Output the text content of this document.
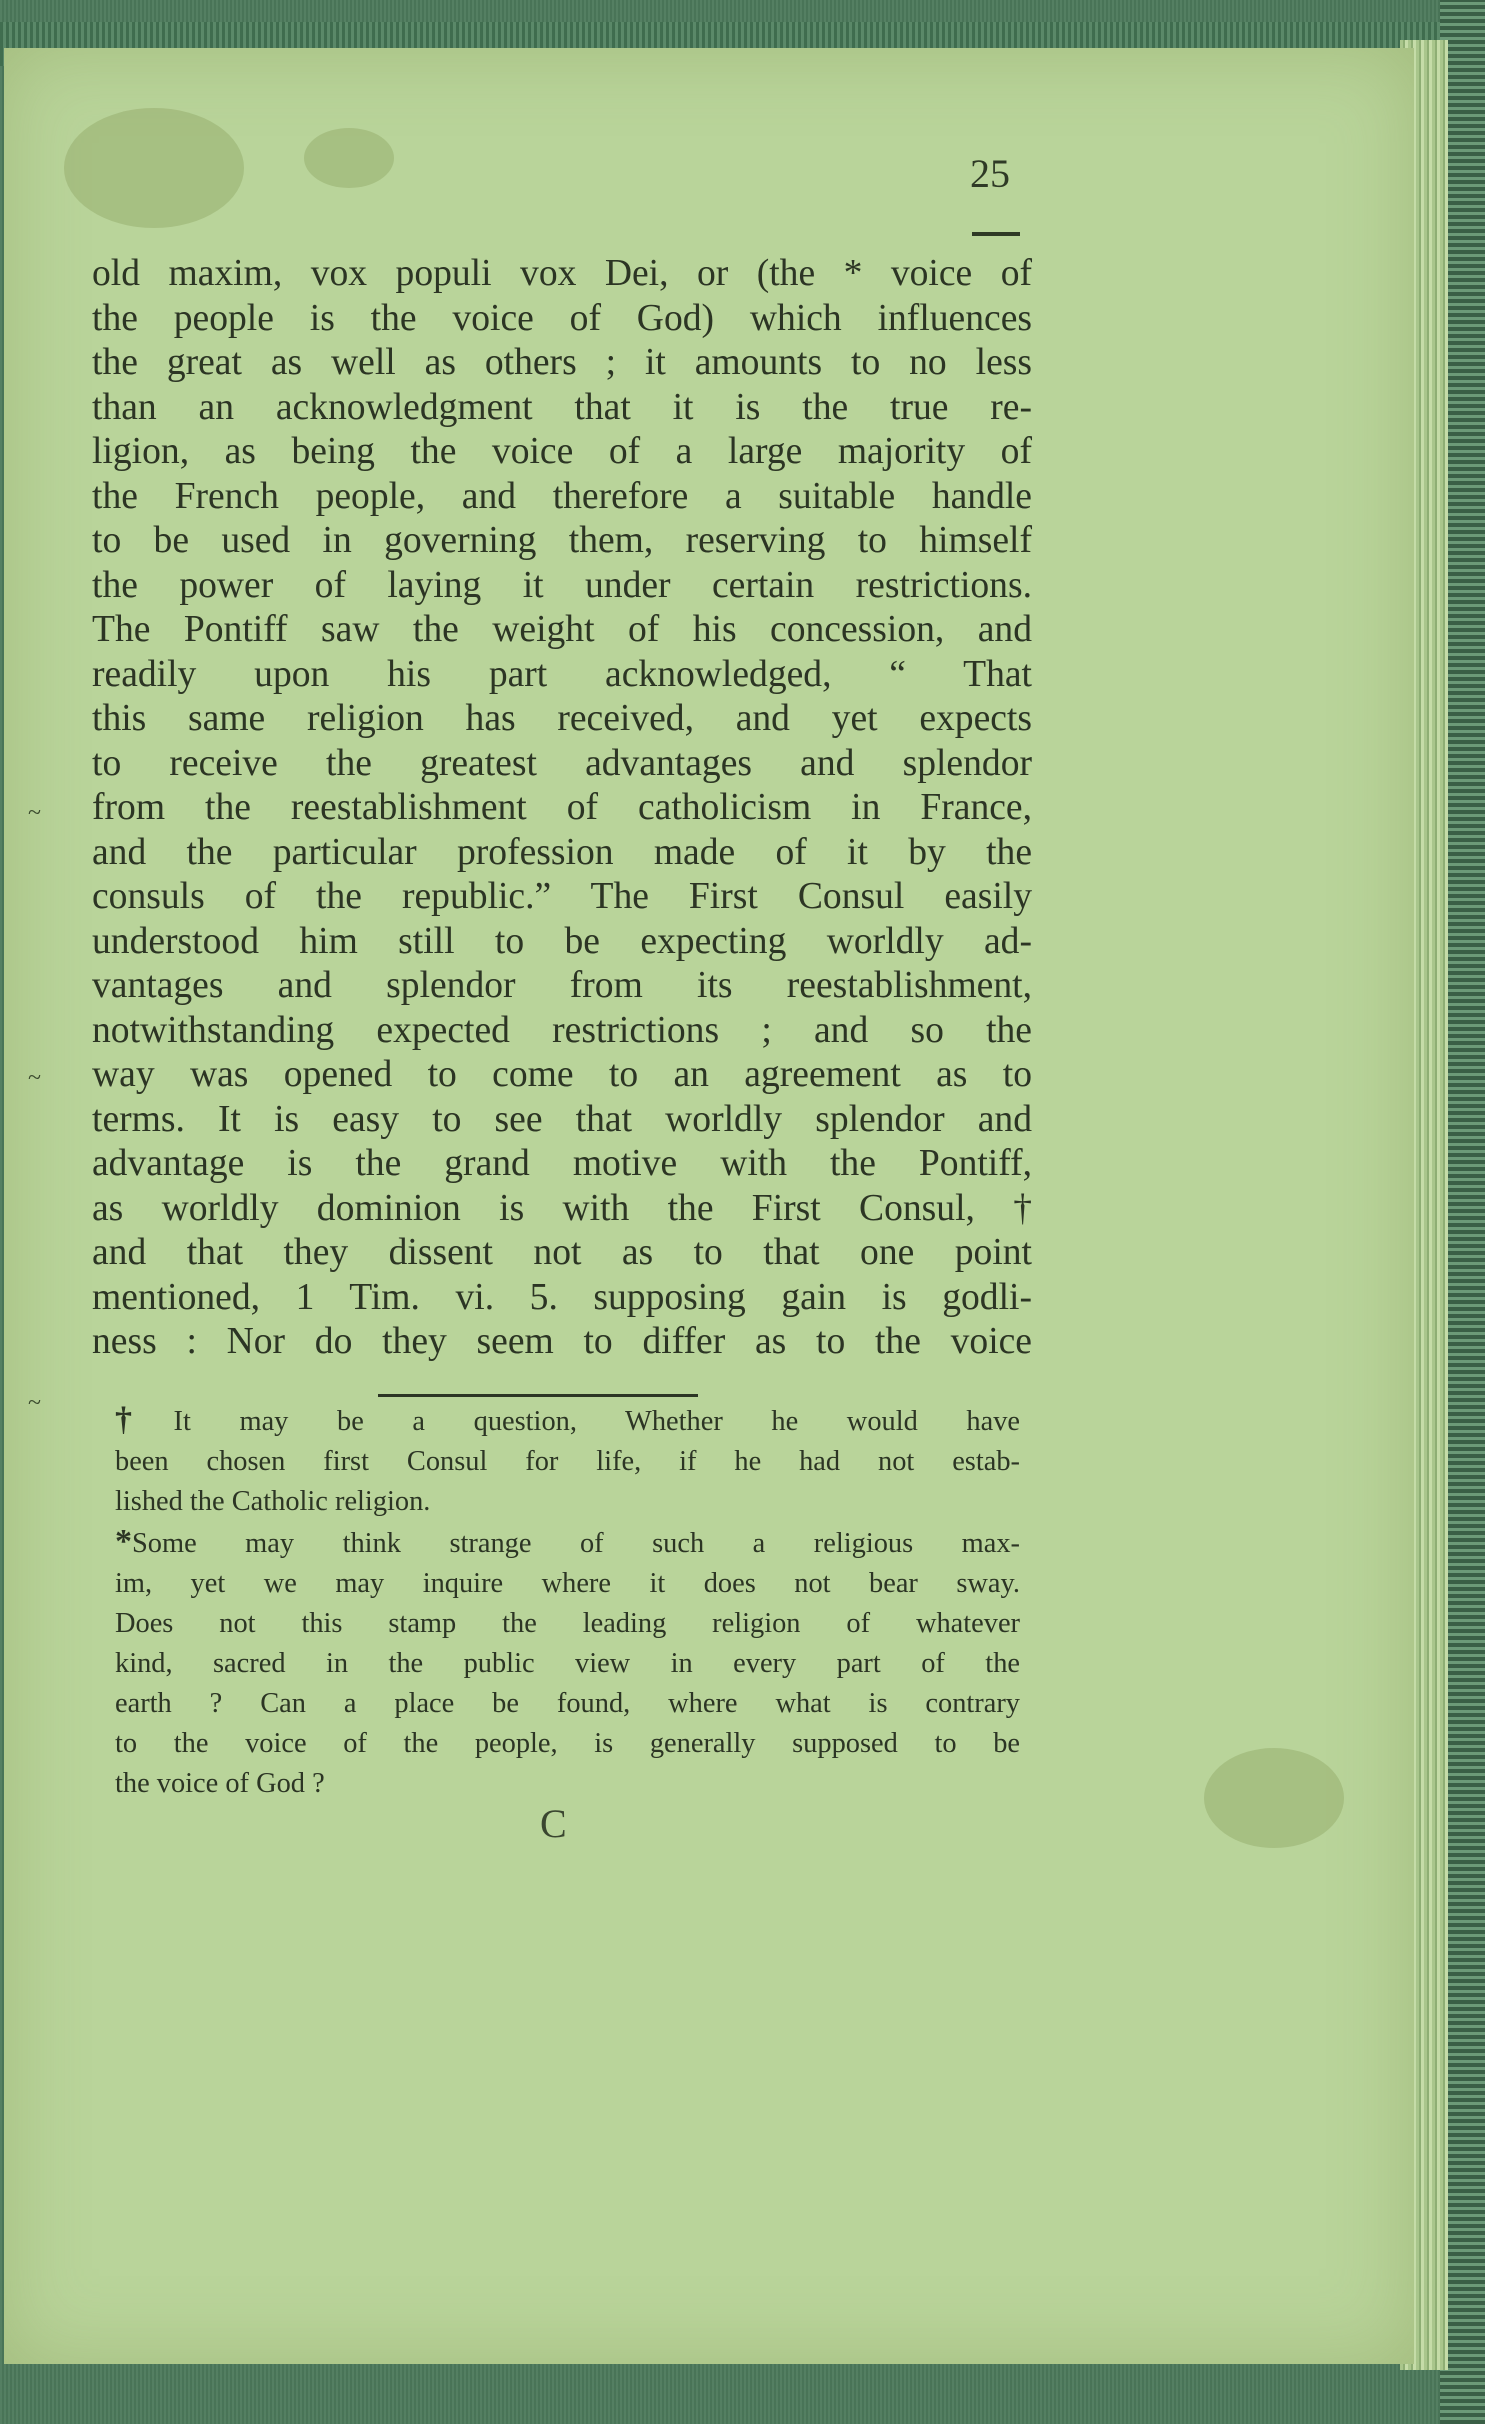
~
~
~
25
old maxim, vox populi vox Dei, or (the * voice of
the people is the voice of God) which influences
the great as well as others ; it amounts to no less
than an acknowledgment that it is the true re-
ligion, as being the voice of a large majority of
the French people, and therefore a suitable handle
to be used in governing them, reserving to himself
the power of laying it under certain restrictions.
The Pontiff saw the weight of his concession, and
readily upon his part acknowledged, “ That
this same religion has received, and yet expects
to receive the greatest advantages and splendor
from the reestablishment of catholicism in France,
and the particular profession made of it by the
consuls of the republic.” The First Consul easily
understood him still to be expecting worldly ad-
vantages and splendor from its reestablishment,
notwithstanding expected restrictions ; and so the
way was opened to come to an agreement as to
terms. It is easy to see that worldly splendor and
advantage is the grand motive with the Pontiff,
as worldly dominion is with the First Consul, †
and that they dissent not as to that one point
mentioned, 1 Tim. vi. 5. supposing gain is godli-
ness : Nor do they seem to differ as to the voice
†It may be a question, Whether he would have
been chosen first Consul for life, if he had not estab-
lished the Catholic religion.
*Some may think strange of such a religious max-
im, yet we may inquire where it does not bear sway.
Does not this stamp the leading religion of whatever
kind, sacred in the public view in every part of the
earth ? Can a place be found, where what is contrary
to the voice of the people, is generally supposed to be
the voice of God ?
C
